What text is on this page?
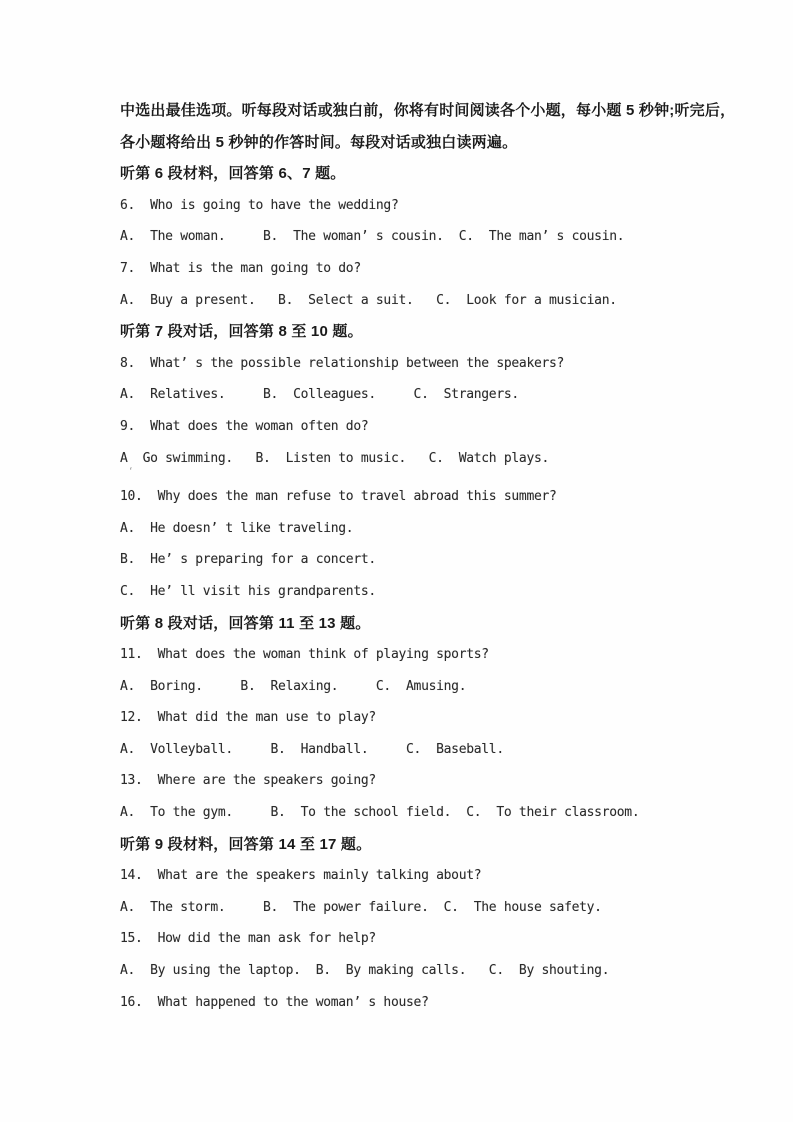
中选出最佳选项。听每段对话或独白前，你将有时间阅读各个小题，每小题 5 秒钟;听完后，

各小题将给出 5 秒钟的作答时间。每段对话或独白读两遍。

听第 6 段材料，回答第 6、7 题。

6.  Who is going to have the wedding?

A.  The woman.     B.  The woman’ s cousin.  C.  The man’ s cousin.

7.  What is the man going to do?

A.  Buy a present.   B.  Select a suit.   C.  Look for a musician.

听第 7 段对话，回答第 8 至 10 题。

8.  What’ s the possible relationship between the speakers?

A.  Relatives.     B.  Colleagues.     C.  Strangers.

9.  What does the woman often do?

A  Go swimming.   B.  Listen to music.   C.  Watch plays.

10.  Why does the man refuse to travel abroad this summer?

A.  He doesn’ t like traveling.

B.  He’ s preparing for a concert.

C.  He’ ll visit his grandparents.

听第 8 段对话，回答第 11 至 13 题。

11.  What does the woman think of playing sports?

A.  Boring.     B.  Relaxing.     C.  Amusing.

12.  What did the man use to play?

A.  Volleyball.     B.  Handball.     C.  Baseball.

13.  Where are the speakers going?

A.  To the gym.     B.  To the school field.  C.  To their classroom.

听第 9 段材料，回答第 14 至 17 题。

14.  What are the speakers mainly talking about?

A.  The storm.     B.  The power failure.  C.  The house safety.

15.  How did the man ask for help?

A.  By using the laptop.  B.  By making calls.   C.  By shouting.

16.  What happened to the woman’ s house?

‘
